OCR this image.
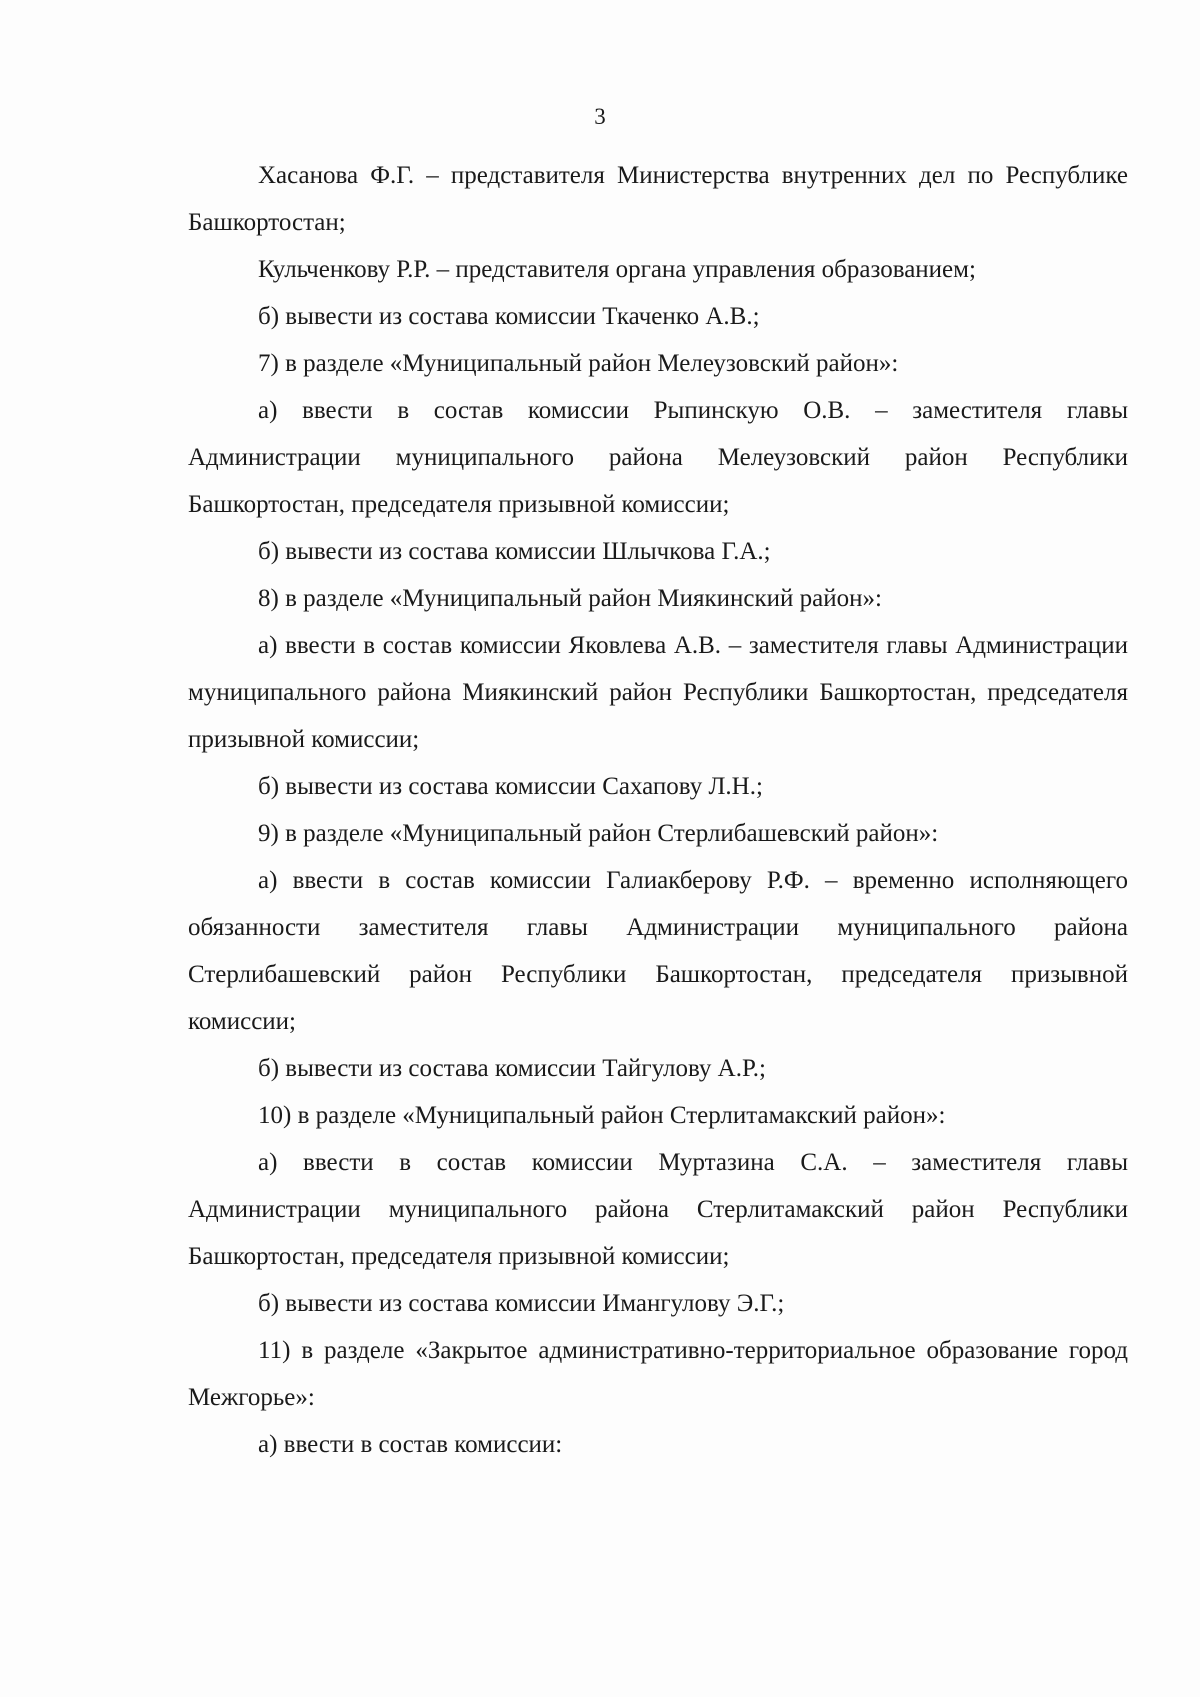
3

Хасанова Ф.Г. – представителя Министерства внутренних дел по Республике Башкортостан;

Кульченкову Р.Р. – представителя органа управления образованием;

б) вывести из состава комиссии Ткаченко А.В.;

7) в разделе «Муниципальный район Мелеузовский район»:

а) ввести в состав комиссии Рыпинскую О.В. – заместителя главы Администрации муниципального района Мелеузовский район Республики Башкортостан, председателя призывной комиссии;

б) вывести из состава комиссии Шлычкова Г.А.;

8) в разделе «Муниципальный район Миякинский район»:

а) ввести в состав комиссии Яковлева А.В. – заместителя главы Администрации муниципального района Миякинский район Республики Башкортостан, председателя призывной комиссии;

б) вывести из состава комиссии Сахапову Л.Н.;

9) в разделе «Муниципальный район Стерлибашевский район»:

а) ввести в состав комиссии Галиакберову Р.Ф. – временно исполняющего обязанности заместителя главы Администрации муниципального района Стерлибашевский район Республики Башкортостан, председателя призывной комиссии;

б) вывести из состава комиссии Тайгулову А.Р.;

10) в разделе «Муниципальный район Стерлитамакский район»:

а) ввести в состав комиссии Муртазина С.А. – заместителя главы Администрации муниципального района Стерлитамакский район Республики Башкортостан, председателя призывной комиссии;

б) вывести из состава комиссии Имангулову Э.Г.;

11) в разделе «Закрытое административно-территориальное образование город Межгорье»:

а) ввести в состав комиссии:
